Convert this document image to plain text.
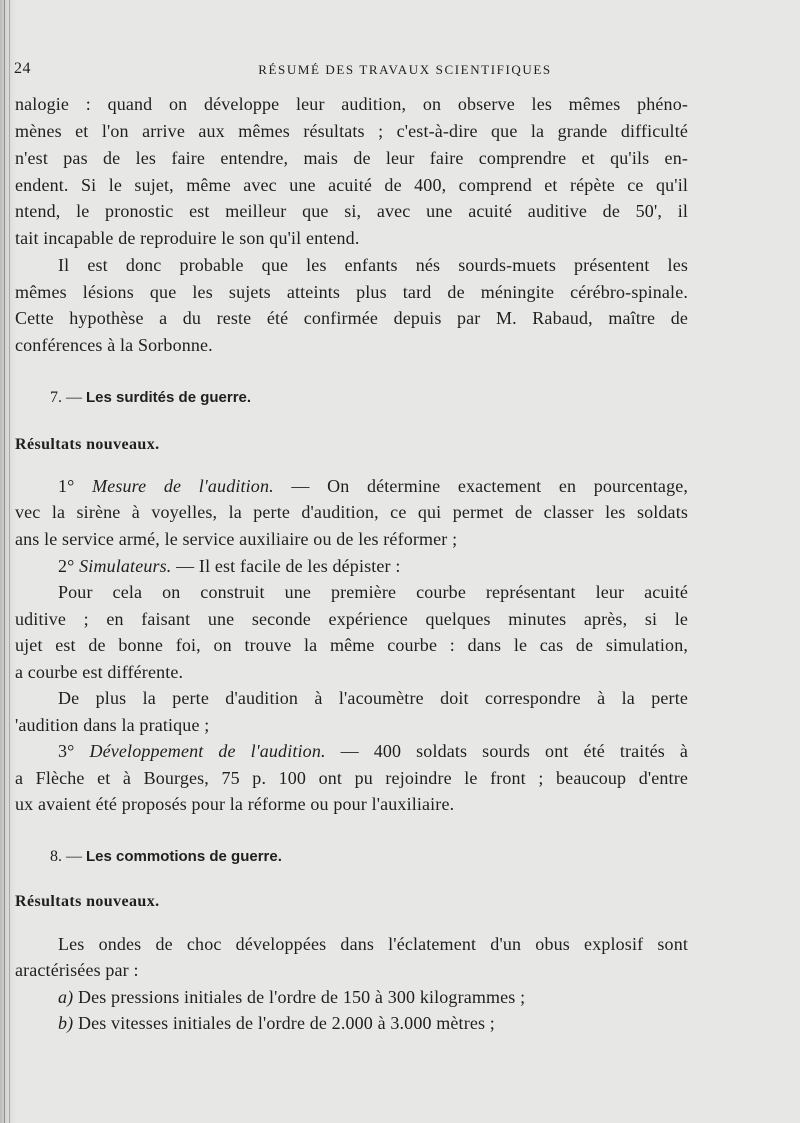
24	RÉSUMÉ DES TRAVAUX SCIENTIFIQUES
nalogie : quand on développe leur audition, on observe les mêmes phéno-
mènes et l'on arrive aux mêmes résultats ; c'est-à-dire que la grande difficulté
n'est pas de les faire entendre, mais de leur faire comprendre et qu'ils en-
endent. Si le sujet, même avec une acuité de 400, comprend et répète ce qu'il
ntend, le pronostic est meilleur que si, avec une acuité auditive de 50', il
tait incapable de reproduire le son qu'il entend.
Il est donc probable que les enfants nés sourds-muets présentent les
mêmes lésions que les sujets atteints plus tard de méningite cérébro-spinale.
Cette hypothèse a du reste été confirmée depuis par M. Rabaud, maître de
conférences à la Sorbonne.
7. — Les surdités de guerre.
Résultats nouveaux.
1° Mesure de l'audition. — On détermine exactement en pourcentage,
vec la sirène à voyelles, la perte d'audition, ce qui permet de classer les soldats
ans le service armé, le service auxiliaire ou de les réformer ;
2° Simulateurs. — Il est facile de les dépister :
Pour cela on construit une première courbe représentant leur acuité
uditive ; en faisant une seconde expérience quelques minutes après, si le
ujet est de bonne foi, on trouve la même courbe : dans le cas de simulation,
a courbe est différente.
De plus la perte d'audition à l'acoumètre doit correspondre à la perte
'audition dans la pratique ;
3° Développement de l'audition. — 400 soldats sourds ont été traités à
a Flèche et à Bourges, 75 p. 100 ont pu rejoindre le front ; beaucoup d'entre
ux avaient été proposés pour la réforme ou pour l'auxiliaire.
8. — Les commotions de guerre.
Résultats nouveaux.
Les ondes de choc développées dans l'éclatement d'un obus explosif sont
aractérisées par :
a) Des pressions initiales de l'ordre de 150 à 300 kilogrammes ;
b) Des vitesses initiales de l'ordre de 2.000 à 3.000 mètres ;
